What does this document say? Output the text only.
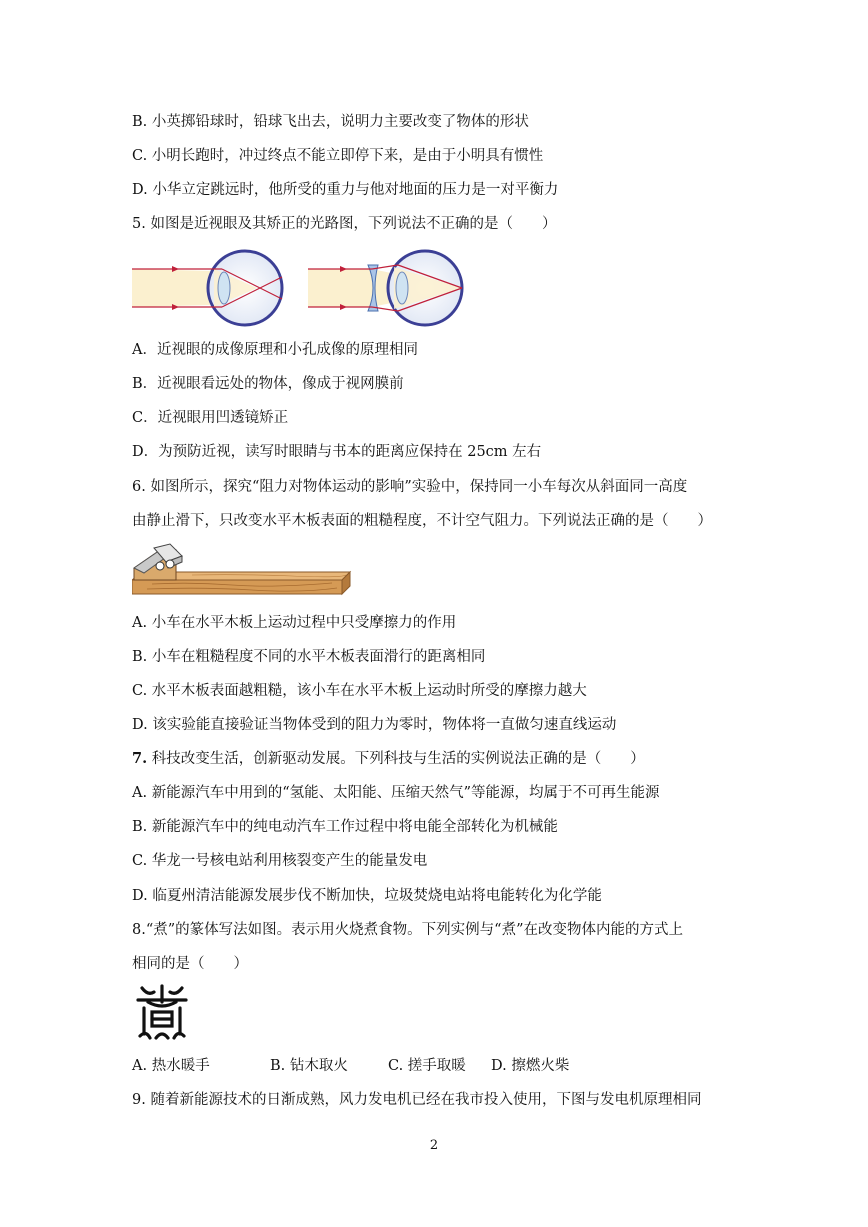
B. 小英掷铅球时，铅球飞出去，说明力主要改变了物体的形状
C. 小明长跑时，冲过终点不能立即停下来，是由于小明具有惯性
D. 小华立定跳远时，他所受的重力与他对地面的压力是一对平衡力
5. 如图是近视眼及其矫正的光路图，下列说法不正确的是（　　）
A．近视眼的成像原理和小孔成像的原理相同
B．近视眼看远处的物体，像成于视网膜前
C．近视眼用凹透镜矫正
D．为预防近视，读写时眼睛与书本的距离应保持在 25cm 左右
6. 如图所示，探究“阻力对物体运动的影响”实验中，保持同一小车每次从斜面同一高度
由静止滑下，只改变水平木板表面的粗糙程度，不计空气阻力。下列说法正确的是（　　）
A. 小车在水平木板上运动过程中只受摩擦力的作用
B. 小车在粗糙程度不同的水平木板表面滑行的距离相同
C. 水平木板表面越粗糙，该小车在水平木板上运动时所受的摩擦力越大
D. 该实验能直接验证当物体受到的阻力为零时，物体将一直做匀速直线运动
7. 科技改变生活，创新驱动发展。下列科技与生活的实例说法正确的是（　　）
A. 新能源汽车中用到的“氢能、太阳能、压缩天然气”等能源，均属于不可再生能源
B. 新能源汽车中的纯电动汽车工作过程中将电能全部转化为机械能
C. 华龙一号核电站利用核裂变产生的能量发电
D. 临夏州清洁能源发展步伐不断加快，垃圾焚烧电站将电能转化为化学能
8.“煮”的篆体写法如图。表示用火烧煮食物。下列实例与“煮”在改变物体内能的方式上
相同的是（　　）
A. 热水暖手	B. 钻木取火	C. 搓手取暖 D. 擦燃火柴
9. 随着新能源技术的日渐成熟，风力发电机已经在我市投入使用，下图与发电机原理相同
2
